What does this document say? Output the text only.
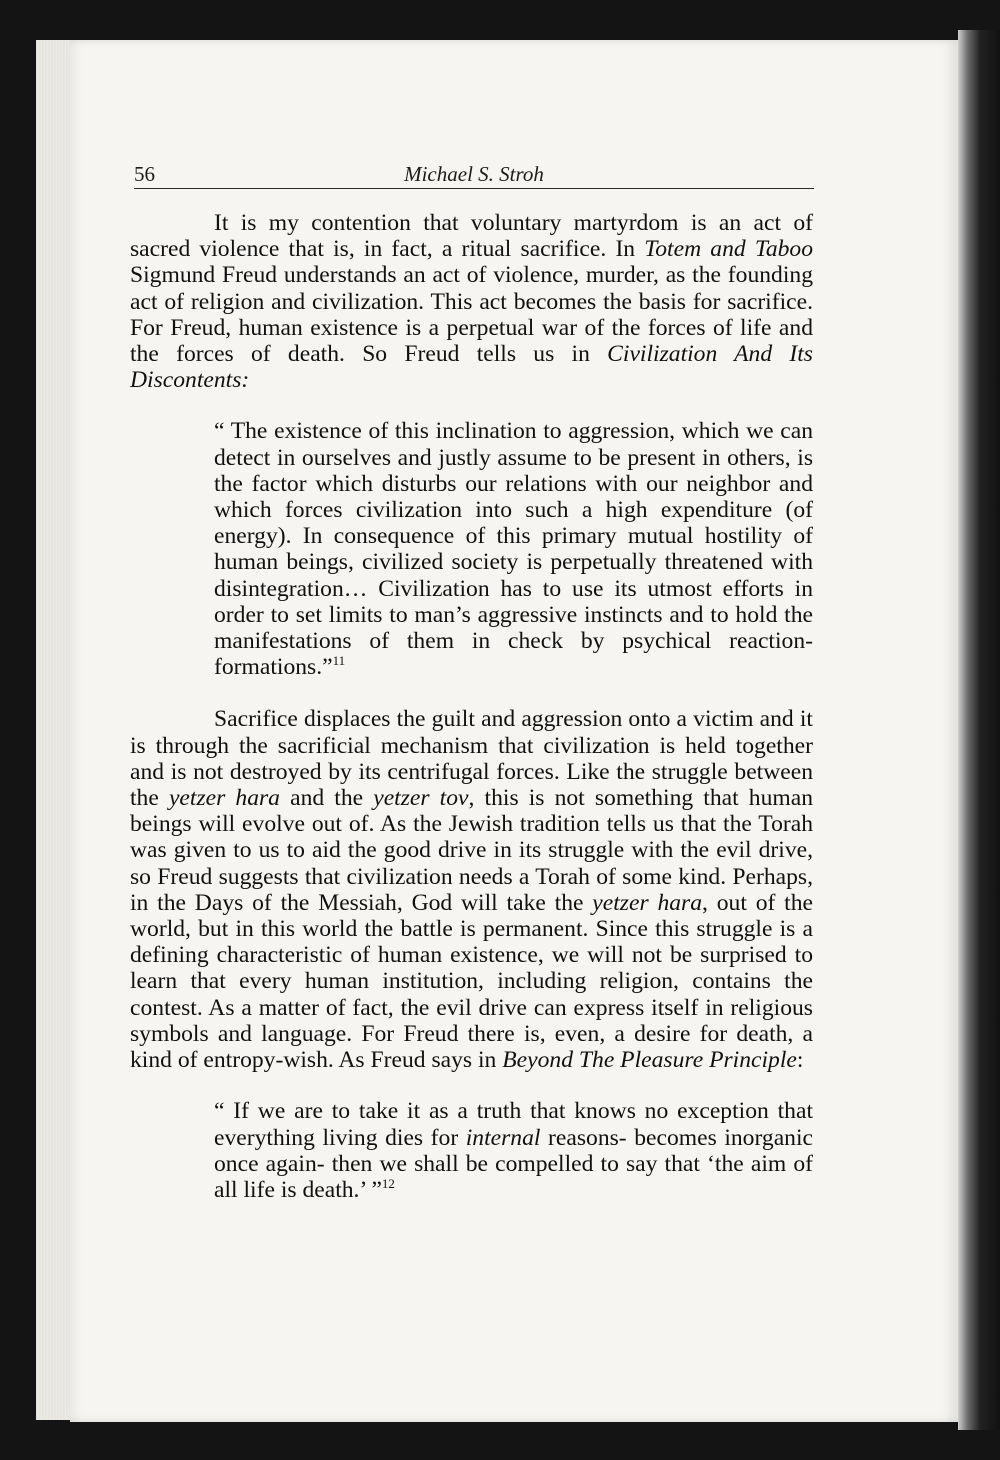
56	Michael S. Stroh

It is my contention that voluntary martyrdom is an act of sacred violence that is, in fact, a ritual sacrifice. In Totem and Taboo Sigmund Freud understands an act of violence, murder, as the founding act of religion and civilization. This act becomes the basis for sacrifice. For Freud, human existence is a perpetual war of the forces of life and the forces of death. So Freud tells us in Civilization And Its Discontents:

“ The existence of this inclination to aggression, which we can detect in ourselves and justly assume to be present in others, is the factor which disturbs our relations with our neighbor and which forces civilization into such a high expenditure (of energy). In consequence of this primary mutual hostility of human beings, civilized society is perpetually threatened with disintegration… Civilization has to use its utmost efforts in order to set limits to man’s aggressive instincts and to hold the manifestations of them in check by psychical reaction-formations.”$^{11}$

Sacrifice displaces the guilt and aggression onto a victim and it is through the sacrificial mechanism that civilization is held together and is not destroyed by its centrifugal forces. Like the struggle between the yetzer hara and the yetzer tov, this is not something that human beings will evolve out of. As the Jewish tradition tells us that the Torah was given to us to aid the good drive in its struggle with the evil drive, so Freud suggests that civilization needs a Torah of some kind. Perhaps, in the Days of the Messiah, God will take the yetzer hara, out of the world, but in this world the battle is permanent. Since this struggle is a defining characteristic of human existence, we will not be surprised to learn that every human institution, including religion, contains the contest. As a matter of fact, the evil drive can express itself in religious symbols and language. For Freud there is, even, a desire for death, a kind of entropy-wish. As Freud says in Beyond The Pleasure Principle:

“ If we are to take it as a truth that knows no exception that everything living dies for internal reasons- becomes inorganic once again- then we shall be compelled to say that ‘the aim of all life is death.’ ”$^{12}$
